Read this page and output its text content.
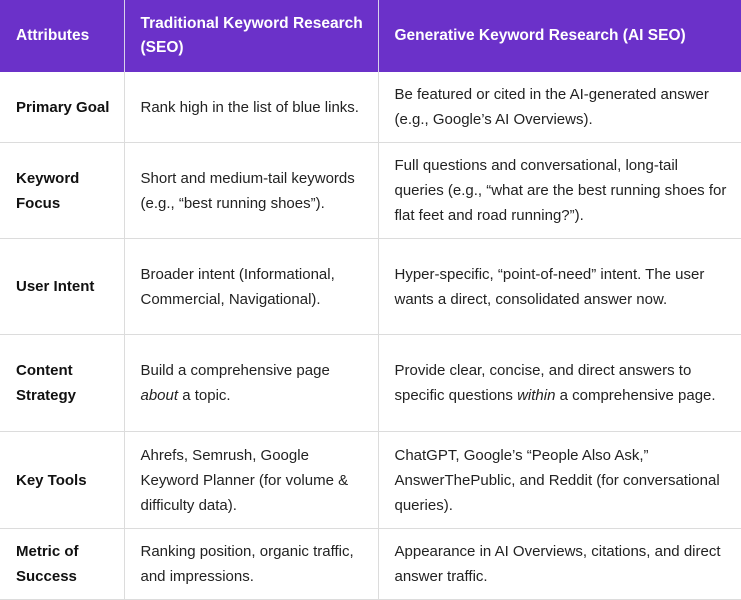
Attributes	Traditional Keyword Research (SEO)	Generative Keyword Research (AI SEO)
Primary Goal	Rank high in the list of blue links.	Be featured or cited in the AI-generated answer (e.g., Google’s AI Overviews).
Keyword Focus	Short and medium-tail keywords (e.g., “best running shoes”).	Full questions and conversational, long-tail queries (e.g., “what are the best running shoes for flat feet and road running?”).
User Intent	Broader intent (Informational, Commercial, Navigational).	Hyper-specific, “point-of-need” intent. The user wants a direct, consolidated answer now.
Content Strategy	Build a comprehensive page about a topic.	Provide clear, concise, and direct answers to specific questions within a comprehensive page.
Key Tools	Ahrefs, Semrush, Google Keyword Planner (for volume & difficulty data).	ChatGPT, Google’s “People Also Ask,” AnswerThePublic, and Reddit (for conversational queries).
Metric of Success	Ranking position, organic traffic, and impressions.	Appearance in AI Overviews, citations, and direct answer traffic.
